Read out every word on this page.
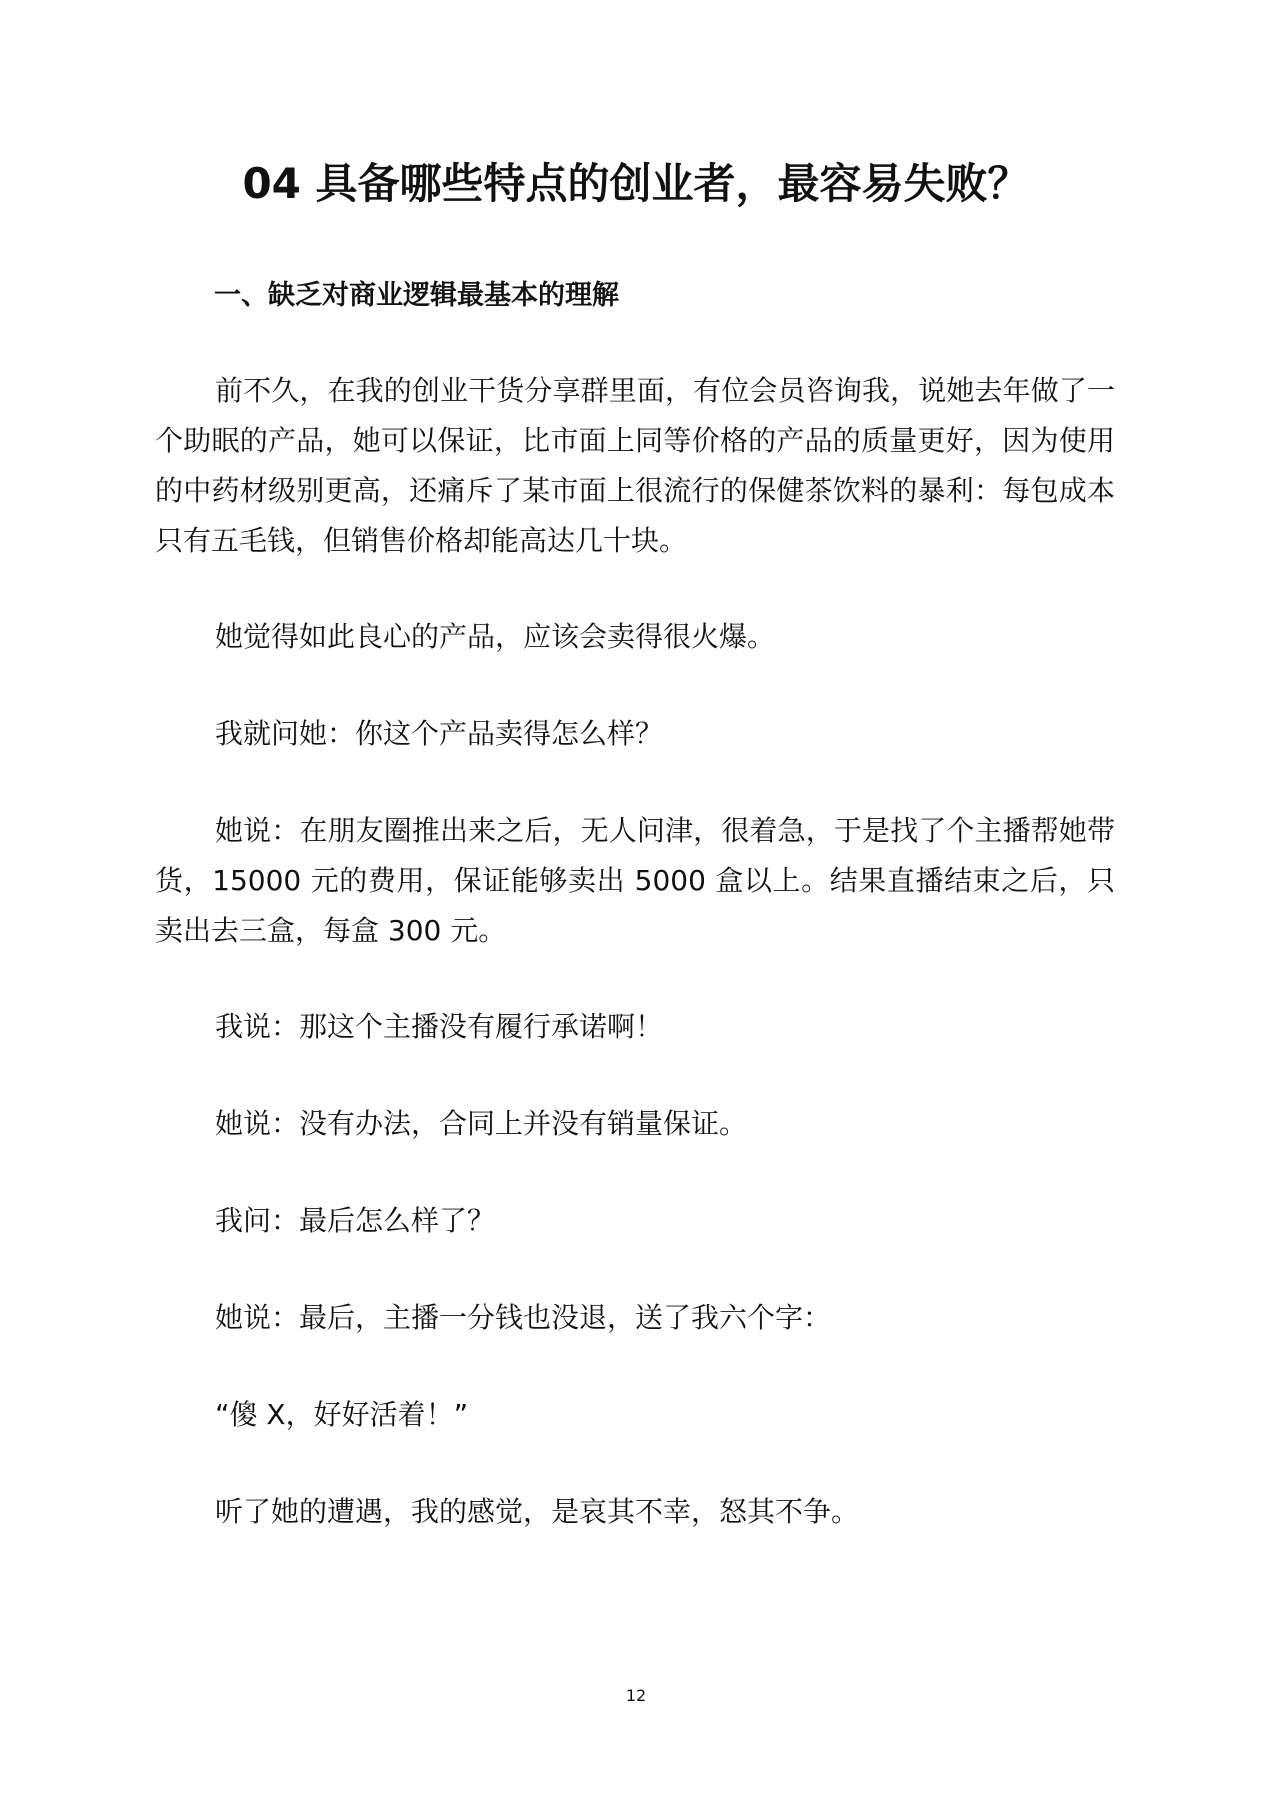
04 具备哪些特点的创业者，最容易失败？
一、缺乏对商业逻辑最基本的理解

前不久，在我的创业干货分享群里面，有位会员咨询我，说她去年做了一个助眠的产品，她可以保证，比市面上同等价格的产品的质量更好，因为使用的中药材级别更高，还痛斥了某市面上很流行的保健茶饮料的暴利：每包成本只有五毛钱，但销售价格却能高达几十块。

她觉得如此良心的产品，应该会卖得很火爆。

我就问她：你这个产品卖得怎么样？

她说：在朋友圈推出来之后，无人问津，很着急，于是找了个主播帮她带货，15000 元的费用，保证能够卖出 5000 盒以上。结果直播结束之后，只卖出去三盒，每盒 300 元。

我说：那这个主播没有履行承诺啊！

她说：没有办法，合同上并没有销量保证。

我问：最后怎么样了？

她说：最后，主播一分钱也没退，送了我六个字：

“傻 X，好好活着！”

听了她的遭遇，我的感觉，是哀其不幸，怒其不争。

12
